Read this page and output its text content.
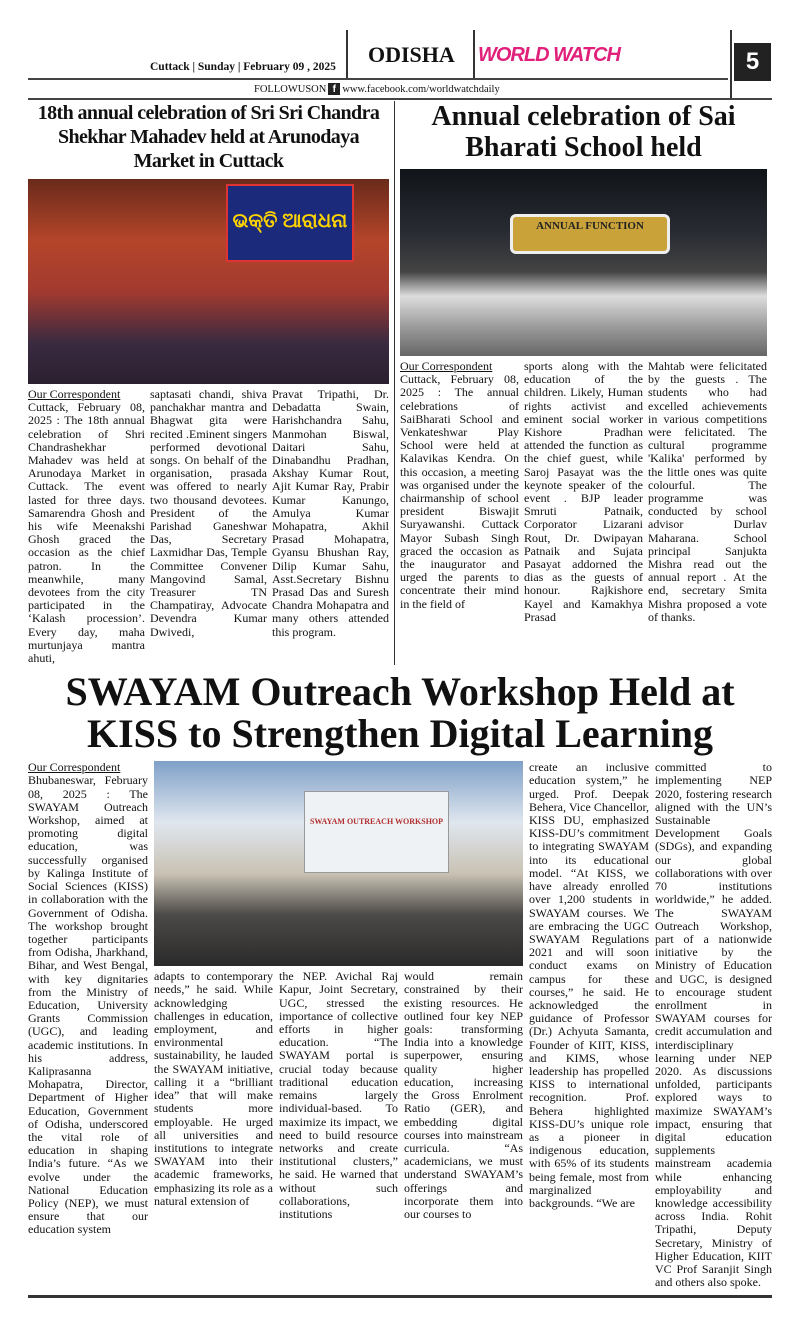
Cuttack | Sunday | February 09 , 2025 ODISHA WORLD WATCH	5
FOLLOWUSON f www.facebook.com/worldwatchdaily
18th annual celebration of Sri Sri Chandra Shekhar Mahadev held at Arunodaya Market in Cuttack
ଭକ୍ତି ଆରାଧନା
Our Correspondent
Cuttack, February 08, 2025 : The 18th annual celebration of Shri Chandrashekhar Mahadev was held at Arunodaya Market in Cuttack. The event lasted for three days. Samarendra Ghosh and his wife Meenakshi Ghosh graced the occasion as the chief patron. In the meanwhile, many devotees from the city participated in the ‘Kalash procession’. Every day, maha murtunjaya mantra ahuti,
saptasati chandi, shiva panchakhar mantra and Bhagwat gita were recited .Eminent singers performed devotional songs. On behalf of the organisation, prasada was offered to nearly two thousand devotees. President of the Parishad Ganeshwar Das, Secretary Laxmidhar Das, Temple Committee Convener Mangovind Samal, Treasurer TN Champatiray, Advocate Devendra Kumar Dwivedi,
Pravat Tripathi, Dr. Debadatta Swain, Harishchandra Sahu, Manmohan Biswal, Daitari Sahu, Dinabandhu Pradhan, Akshay Kumar Rout, Ajit Kumar Ray, Prabir Kumar Kanungo, Amulya Kumar Mohapatra, Akhil Prasad Mohapatra, Gyansu Bhushan Ray, Dilip Kumar Sahu, Asst.Secretary Bishnu Prasad Das and Suresh Chandra Mohapatra and many others attended this program.
Annual celebration of Sai Bharati School held
ANNUAL FUNCTION
Our Correspondent
Cuttack, February 08, 2025 : The annual celebrations of SaiBharati School and Venkateshwar Play School were held at Kalavikas Kendra. On this occasion, a meeting was organised under the chairmanship of school president Biswajit Suryawanshi. Cuttack Mayor Subash Singh graced the occasion as the inaugurator and urged the parents to concentrate their mind in the field of
sports along with the education of the children. Likely, Human rights activist and eminent social worker Kishore Pradhan attended the function as the chief guest, while Saroj Pasayat was the keynote speaker of the event . BJP leader Smruti Patnaik, Corporator Lizarani Rout, Dr. Dwipayan Patnaik and Sujata Pasayat addorned the dias as the guests of honour. Rajkishore Kayel and Kamakhya Prasad
Mahtab were felicitated by the guests . The students who had excelled achievements in various competitions were felicitated. The cultural programme 'Kalika' performed by the little ones was quite colourful. The programme was conducted by school advisor Durlav Maharana. School principal Sanjukta Mishra read out the annual report . At the end, secretary Smita Mishra proposed a vote of thanks.
SWAYAM Outreach Workshop Held at KISS to Strengthen Digital Learning
Our Correspondent
Bhubaneswar, February 08, 2025 : The SWAYAM Outreach Workshop, aimed at promoting digital education, was successfully organised by Kalinga Institute of Social Sciences (KISS) in collaboration with the Government of Odisha. The workshop brought together participants from Odisha, Jharkhand, Bihar, and West Bengal, with key dignitaries from the Ministry of Education, University Grants Commission (UGC), and leading academic institutions. In his address, Kaliprasanna Mohapatra, Director, Department of Higher Education, Government of Odisha, underscored the vital role of education in shaping India’s future. “As we evolve under the National Education Policy (NEP), we must ensure that our education system
SWAYAM OUTREACH WORKSHOP
adapts to contemporary needs,” he said. While acknowledging challenges in education, employment, and environmental sustainability, he lauded the SWAYAM initiative, calling it a “brilliant idea” that will make students more employable. He urged all universities and institutions to integrate SWAYAM into their academic frameworks, emphasizing its role as a natural extension of
the NEP. Avichal Raj Kapur, Joint Secretary, UGC, stressed the importance of collective efforts in higher education. “The SWAYAM portal is crucial today because traditional education remains largely individual-based. To maximize its impact, we need to build resource networks and create institutional clusters,” he said. He warned that without such collaborations, institutions
would remain constrained by their existing resources. He outlined four key NEP goals: transforming India into a knowledge superpower, ensuring quality higher education, increasing the Gross Enrolment Ratio (GER), and embedding digital courses into mainstream curricula. “As academicians, we must understand SWAYAM’s offerings and incorporate them into our courses to
create an inclusive education system,” he urged. Prof. Deepak Behera, Vice Chancellor, KISS DU, emphasized KISS-DU’s commitment to integrating SWAYAM into its educational model. “At KISS, we have already enrolled over 1,200 students in SWAYAM courses. We are embracing the UGC SWAYAM Regulations 2021 and will soon conduct exams on campus for these courses,” he said. He acknowledged the guidance of Professor (Dr.) Achyuta Samanta, Founder of KIIT, KISS, and KIMS, whose leadership has propelled KISS to international recognition. Prof. Behera highlighted KISS-DU’s unique role as a pioneer in indigenous education, with 65% of its students being female, most from marginalized backgrounds. “We are
committed to implementing NEP 2020, fostering research aligned with the UN’s Sustainable Development Goals (SDGs), and expanding our global collaborations with over 70 institutions worldwide,” he added. The SWAYAM Outreach Workshop, part of a nationwide initiative by the Ministry of Education and UGC, is designed to encourage student enrollment in SWAYAM courses for credit accumulation and interdisciplinary learning under NEP 2020. As discussions unfolded, participants explored ways to maximize SWAYAM’s impact, ensuring that digital education supplements mainstream academia while enhancing employability and knowledge accessibility across India. Rohit Tripathi, Deputy Secretary, Ministry of Higher Education, KIIT VC Prof Saranjit Singh and others also spoke.
